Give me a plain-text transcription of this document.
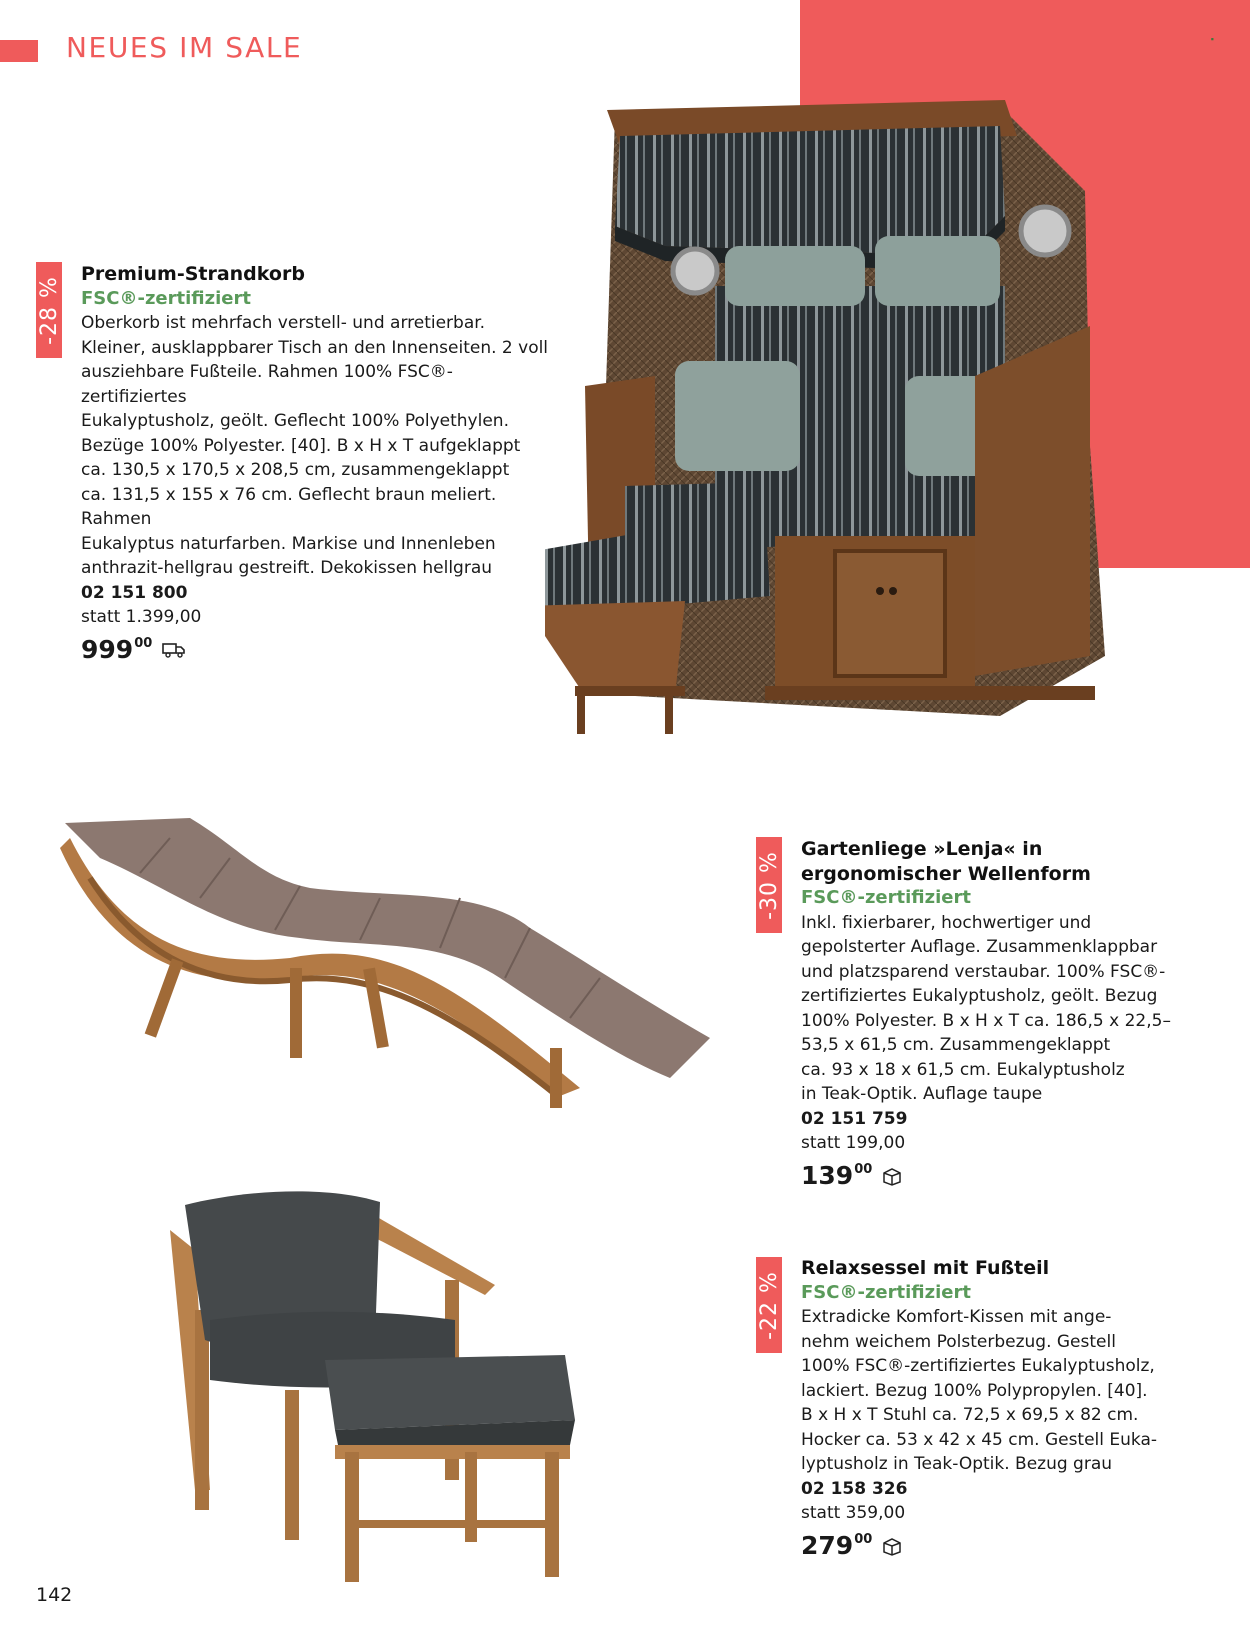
▪
NEUES IM SALE
-28 %
Premium-Strandkorb
FSC®-zertifiziert
Oberkorb ist mehrfach verstell- und arretierbar.
Kleiner, ausklappbarer Tisch an den Innenseiten. 2 voll
ausziehbare Fußteile. Rahmen 100% FSC®-zertifiziertes
Eukalyptusholz, geölt. Geflecht 100% Polyethylen.
Bezüge 100% Polyester. [40]. B x H x T aufgeklappt
ca. 130,5 x 170,5 x 208,5 cm, zusammengeklappt
ca. 131,5 x 155 x 76 cm. Geflecht braun meliert. Rahmen
Eukalyptus naturfarben. Markise und Innenleben
anthrazit-hellgrau gestreift. Dekokissen hellgrau
02 151 800
statt 1.399,00
999 00
-30 %
Gartenliege »Lenja« in
ergonomischer Wellenform
FSC®-zertifiziert
Inkl. fixierbarer, hochwertiger und
gepolsterter Auflage. Zusammenklappbar
und platzsparend verstaubar. 100% FSC®-
zertifiziertes Eukalyptusholz, geölt. Bezug
100% Polyester. B x H x T ca. 186,5 x 22,5–
53,5 x 61,5 cm. Zusammengeklappt
ca. 93 x 18 x 61,5 cm. Eukalyptusholz
in Teak-Optik. Auflage taupe
02 151 759
statt 199,00
139 00
-22 %
Relaxsessel mit Fußteil
FSC®-zertifiziert
Extradicke Komfort-Kissen mit ange-
nehm weichem Polsterbezug. Gestell
100% FSC®-zertifiziertes Eukalyptusholz,
lackiert. Bezug 100% Polypropylen. [40].
B x H x T Stuhl ca. 72,5 x 69,5 x 82 cm.
Hocker ca. 53 x 42 x 45 cm. Gestell Euka-
lyptusholz in Teak-Optik. Bezug grau
02 158 326
statt 359,00
279 00
142
